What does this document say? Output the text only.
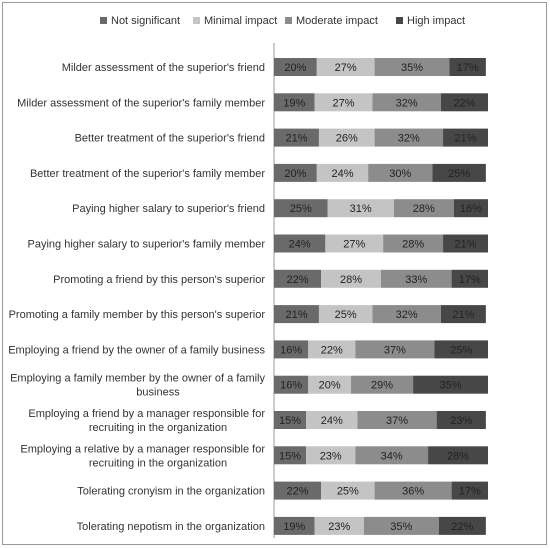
Not significant Minimal impact Moderate impact	High impact
Milder assessment of the superior's friend 20%	27%	35%	17%
Milder assessment of the superior's family member 19% 27%	32%	22%
Better treatment of the superior's friend 21%	26%	32%	21%
Better treatment of the superior's family member 20% 24%	30%	25%
Paying higher salary to superior's friend 25%	31%	28% 16%
Paying higher salary to superior's family member 24%	27%	28%	21%
Promoting a friend by this person's superior 22%	28%	33%	17%
Promoting a family member by this person's superior 21% 25%	32%	21%
Employing a friend by the owner of a family business 16% 22%	37%	25%
Employing a family member by the owner of a family
business
16% 20%	29%	35%
Employing a friend by a manager responsible for
recruiting in the organization
15% 24%	37%	23%
Employing a relative by a manager responsible for
recruiting in the organization
15% 23%	34%	28%
Tolerating cronyism in the organization 22%	25%	36%	17%
Tolerating nepotism in the organization 19% 23%	35%	22%
